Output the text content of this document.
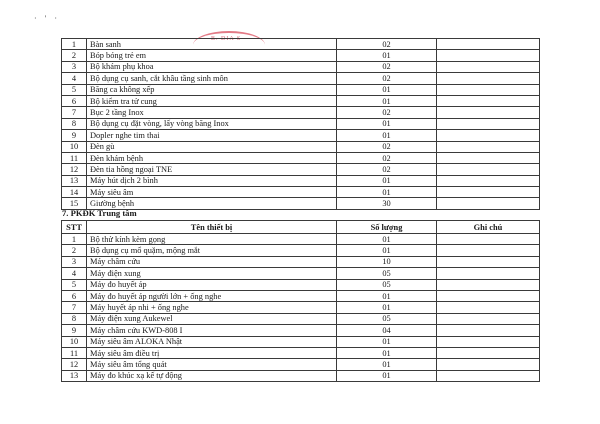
· ′ ·
B. DIA S
1	Bàn sanh	02	
2	Bóp bóng trẻ em	01	
3	Bộ khám phụ khoa	02	
4	Bộ dụng cụ sanh, cắt khâu tầng sinh môn	02	
5	Băng ca không xếp	01	
6	Bộ kiểm tra tử cung	01	
7	Bục 2 tầng Inox	02	
8	Bộ dụng cụ đặt vòng, lấy vòng băng Inox	01	
9	Dopler nghe tim thai	01	
10	Đèn gù	02	
11	Đèn khám bệnh	02	
12	Đèn tia hồng ngoại TNE	02	
13	Máy hút dịch 2 bình	01	
14	Máy siêu âm	01	
15	Giường bệnh	30	
7. PKĐK Trung tâm
STT	Tên thiết bị	Số lượng	Ghi chú
1	Bộ thử kính kèm gọng	01	
2	Bộ dụng cụ mổ quặm, mộng mắt	01	
3	Máy châm cứu	10	
4	Máy điện xung	05	
5	Máy đo huyết áp	05	
6	Máy đo huyết áp người lớn + ống nghe	01	
7	Máy huyết áp nhi + ống nghe	01	
8	Máy điện xung Aukewel	05	
9	Máy châm cứu KWD-808 I	04	
10	Máy siêu âm ALOKA Nhật	01	
11	Máy siêu âm điều trị	01	
12	Máy siêu âm tổng quát	01	
13	Máy đo khúc xạ kế tự động	01	
